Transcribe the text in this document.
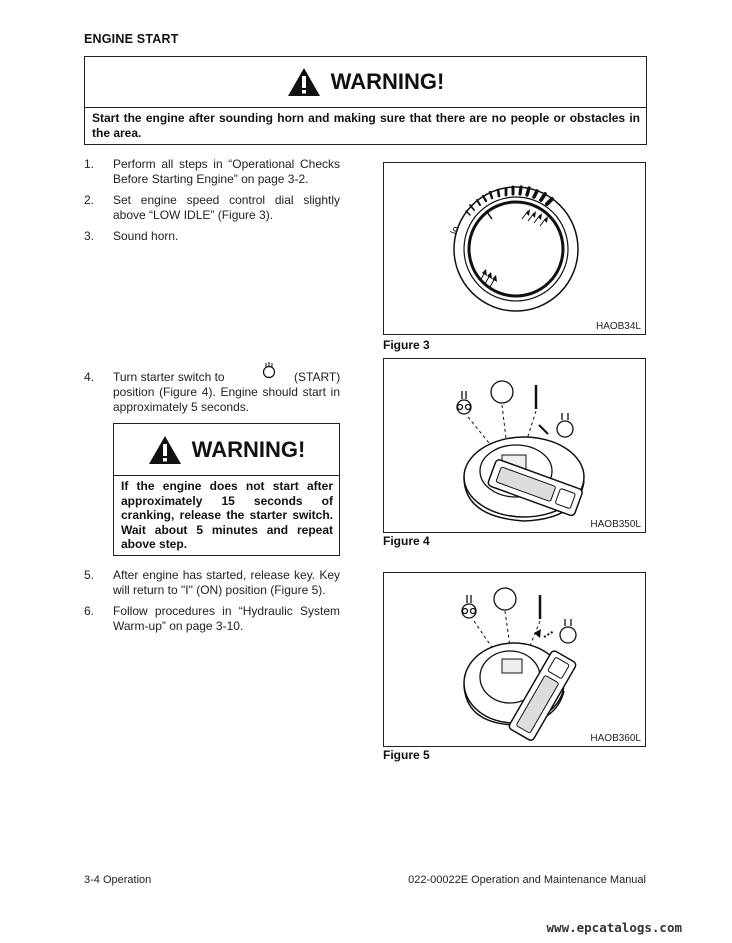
ENGINE START
WARNING!
Start the engine after sounding horn and making sure that there are no people or obstacles in the area.
1. Perform all steps in “Operational Checks Before Starting Engine” on page 3-2.
2. Set engine speed control dial slightly above “LOW IDLE” (Figure 3).
3. Sound horn.
4. Turn starter switch to	(START)
position (Figure 4). Engine should start in approximately 5 seconds.
WARNING!
If the engine does not start after approximately 15 seconds of cranking, release the starter switch. Wait about 5 minutes and repeat above step.
5. After engine has started, release key. Key will return to "I" (ON) position (Figure 5).
6. Follow procedures in “Hydraulic System Warm-up” on page 3-10.
lo
HAOB34L
Figure 3
HAOB350L
Figure 4
HAOB360L
Figure 5
3-4 Operation	022-00022E Operation and Maintenance Manual
www.epcatalogs.com
